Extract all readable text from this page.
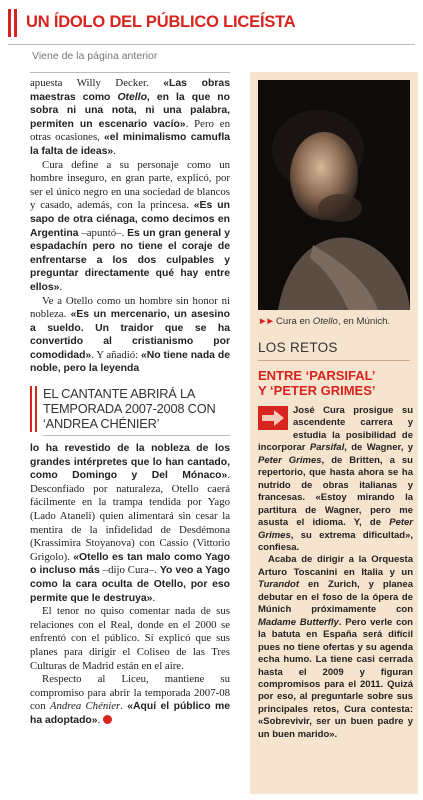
UN ÍDOLO DEL PÚBLICO LICEÍSTA
Viene de la página anterior

apuesta Willy Decker. «Las obras maestras como Otello, en la que no sobra ni una nota, ni una palabra, permiten un escenario vacío». Pero en otras ocasiones, «el minimalismo camufla la falta de ideas».

Cura define a su personaje como un hombre inseguro, en gran parte, explicó, por ser el único negro en una sociedad de blancos y casado, además, con la princesa. «Es un sapo de otra ciénaga, como decimos en Argentina –apuntó–. Es un gran general y espadachín pero no tiene el coraje de enfrentarse a los dos culpables y preguntar directamente qué hay entre ellos».

Ve a Otello como un hombre sin honor ni nobleza. «Es un mercenario, un asesino a sueldo. Un traidor que se ha convertido al cristianismo por comodidad». Y añadió: «No tiene nada de noble, pero la leyenda

EL CANTANTE ABRIRÁ LA TEMPORADA 2007-2008 CON ‘ANDREA CHÉNIER’

lo ha revestido de la nobleza de los grandes intérpretes que lo han cantado, como Domingo y Del Mónaco». Desconfiado por naturaleza, Otello caerá fácilmente en la trampa tendida por Yago (Lado Ataneli) quien alimentará sin cesar la mentira de la infidelidad de Desdémona (Krassimira Stoyanova) con Cassio (Vittorio Grigolo). «Otello es tan malo como Yago o incluso más –dijo Cura–. Yo veo a Yago como la cara oculta de Otello, por eso permite que le destruya».

El tenor no quiso comentar nada de sus relaciones con el Real, donde en el 2000 se enfrentó con el público. Sí explicó que sus planes para dirigir el Coliseo de las Tres Culturas de Madrid están en el aire.

Respecto al Liceu, mantiene su compromiso para abrir la temporada 2007-08 con Andrea Chénier. «Aquí el público me ha adoptado».

►► Cura en Otello, en Múnich.
LOS RETOS
ENTRE ‘PARSIFAL’
Y ‘PETER GRIMES’

José Cura prosigue su ascendente carrera y estudia la posibilidad de incorporar Parsifal, de Wagner, y Peter Grimes, de Britten, a su repertorio, que hasta ahora se ha nutrido de obras italianas y francesas. «Estoy mirando la partitura de Wagner, pero me asusta el idioma. Y, de Peter Grimes, su extrema dificultad», confiesa.

Acaba de dirigir a la Orquesta Arturo Toscanini en Italia y un Turandot en Zurich, y planea debutar en el foso de la ópera de Múnich próximamente con Madame Butterfly. Pero verle con la batuta en España será difícil pues no tiene ofertas y su agenda echa humo. La tiene casi cerrada hasta el 2009 y figuran compromisos para el 2011. Quizá por eso, al preguntarle sobre sus principales retos, Cura contesta: «Sobrevivir, ser un buen padre y un buen marido».
